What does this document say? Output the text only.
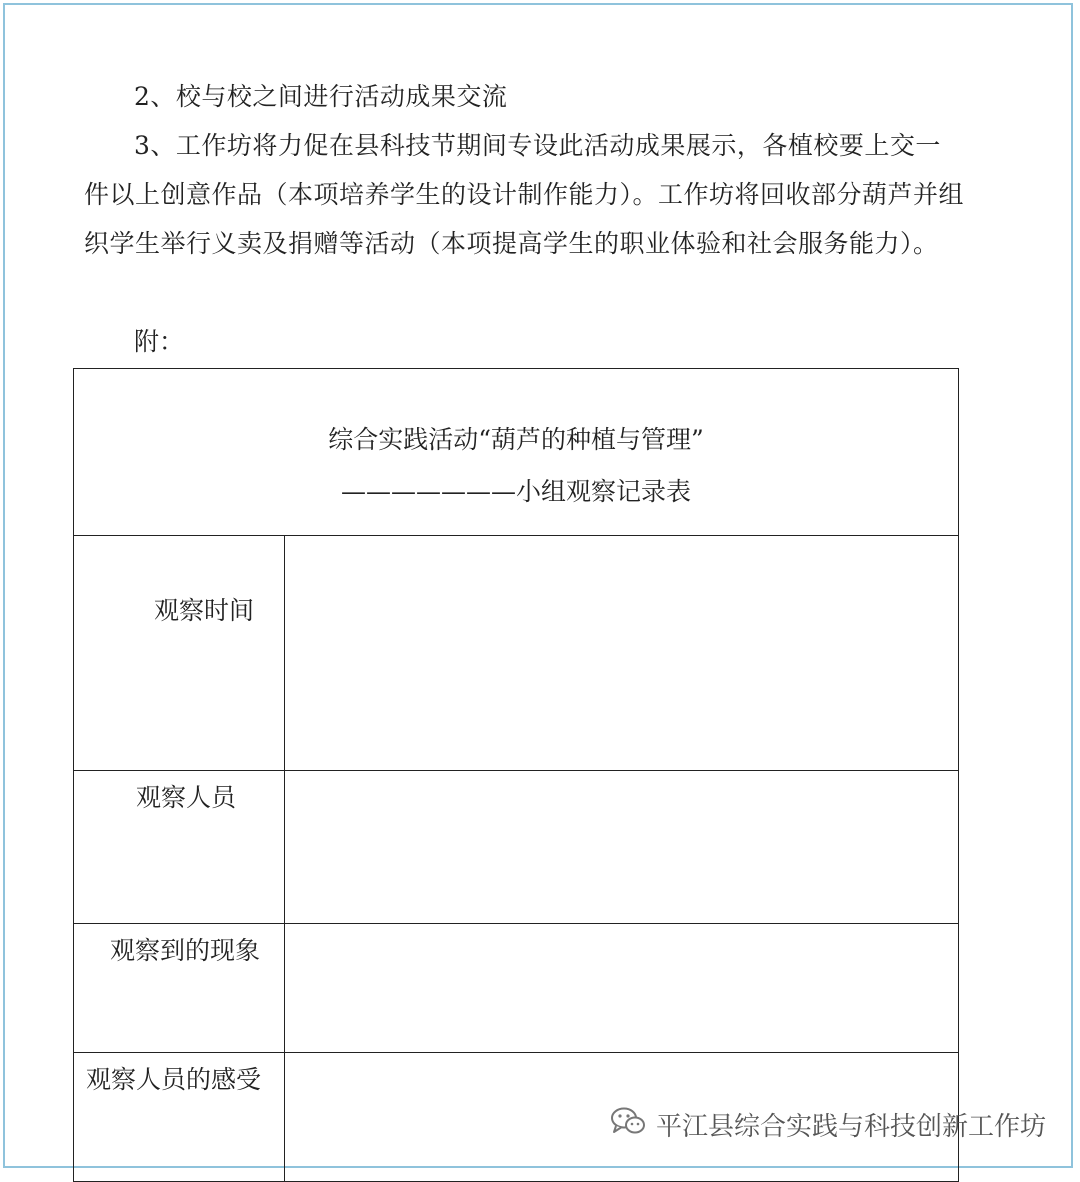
2、校与校之间进行活动成果交流

3、工作坊将力促在县科技节期间专设此活动成果展示，各植校要上交一件以上创意作品（本项培养学生的设计制作能力）。工作坊将回收部分葫芦并组织学生举行义卖及捐赠等活动（本项提高学生的职业体验和社会服务能力）。

附：

综合实践活动“葫芦的种植与管理”
———————小组观察记录表	

观察时间	
观察人员	
观察到的现象	
观察人员的感受	
平江县综合实践与科技创新工作坊
